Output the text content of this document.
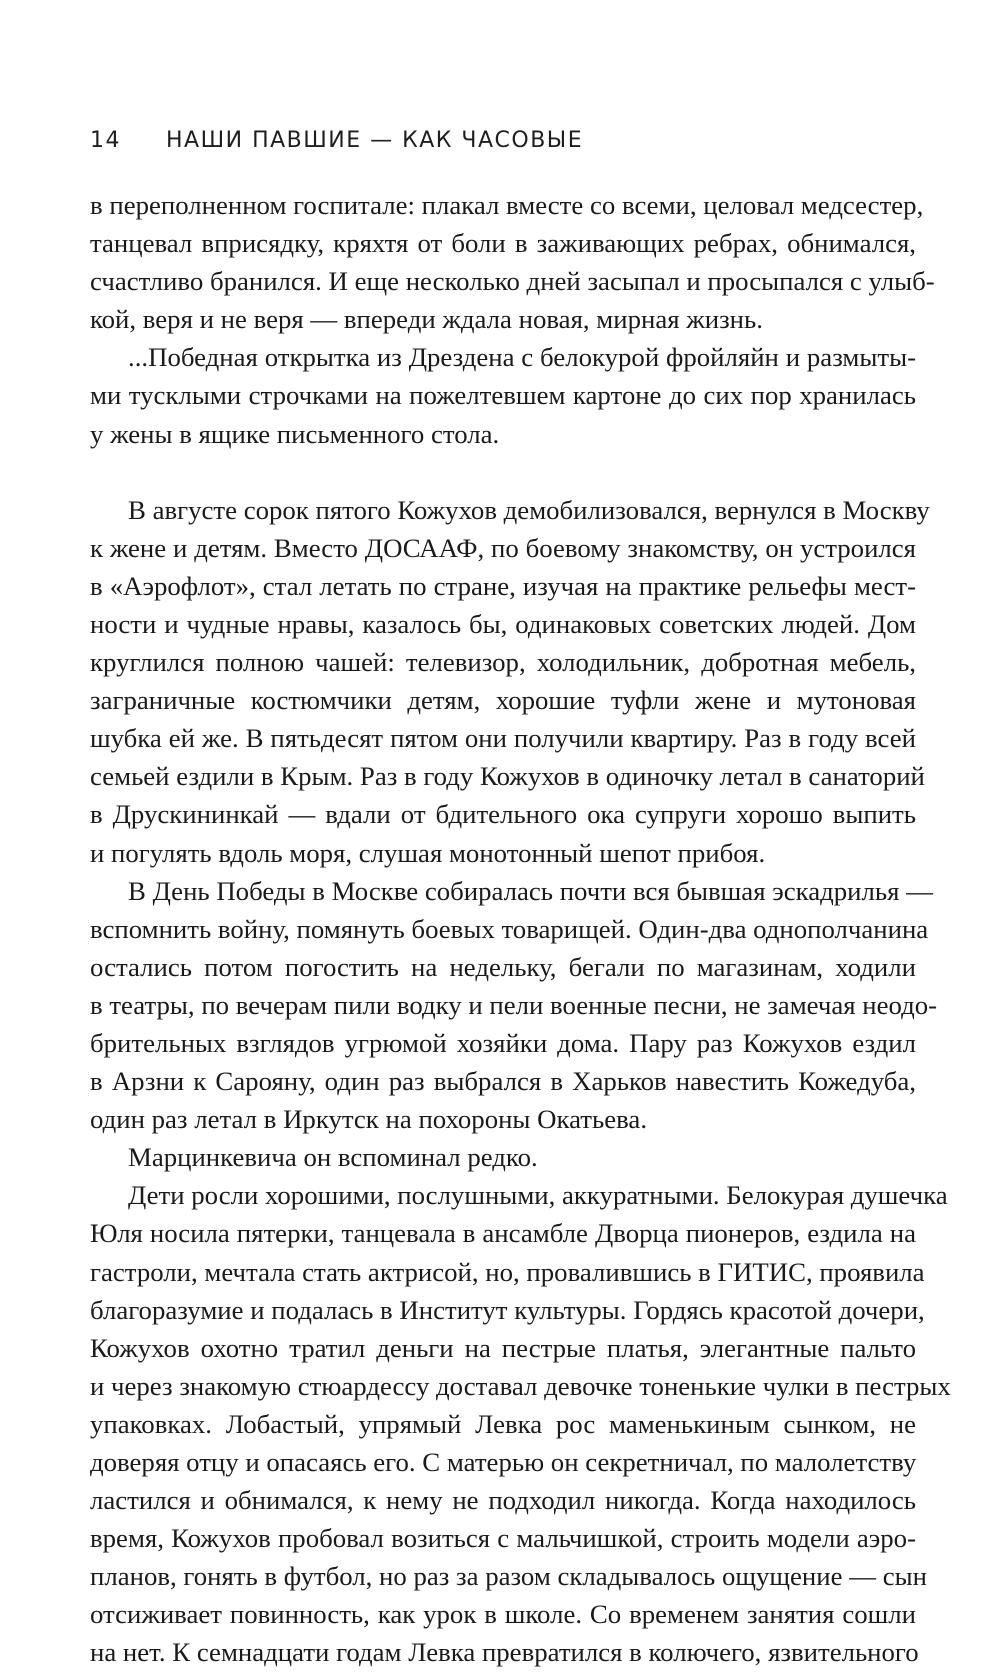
14 НАШИ ПАВШИЕ — КАК ЧАСОВЫЕ
в переполненном госпитале: плакал вместе со всеми, целовал медсестер,
танцевал вприсядку, кряхтя от боли в заживающих ребрах, обнимался,
счастливо бранился. И еще несколько дней засыпал и просыпался с улыб-
кой, веря и не веря — впереди ждала новая, мирная жизнь.
...Победная открытка из Дрездена с белокурой фройляйн и размыты-
ми тусклыми строчками на пожелтевшем картоне до сих пор хранилась
у жены в ящике письменного стола.
В августе сорок пятого Кожухов демобилизовался, вернулся в Москву
к жене и детям. Вместо ДОСААФ, по боевому знакомству, он устроился
в «Аэрофлот», стал летать по стране, изучая на практике рельефы мест-
ности и чудные нравы, казалось бы, одинаковых советских людей. Дом
круглился полною чашей: телевизор, холодильник, добротная мебель,
заграничные костюмчики детям, хорошие туфли жене и мутоновая
шубка ей же. В пятьдесят пятом они получили квартиру. Раз в году всей
семьей ездили в Крым. Раз в году Кожухов в одиночку летал в санаторий
в Друскининкай — вдали от бдительного ока супруги хорошо выпить
и погулять вдоль моря, слушая монотонный шепот прибоя.
В День Победы в Москве собиралась почти вся бывшая эскадрилья —
вспомнить войну, помянуть боевых товарищей. Один-два однополчанина
остались потом погостить на недельку, бегали по магазинам, ходили
в театры, по вечерам пили водку и пели военные песни, не замечая неодо-
брительных взглядов угрюмой хозяйки дома. Пару раз Кожухов ездил
в Арзни к Сарояну, один раз выбрался в Харьков навестить Кожедуба,
один раз летал в Иркутск на похороны Окатьева.
Марцинкевича он вспоминал редко.
Дети росли хорошими, послушными, аккуратными. Белокурая душечка
Юля носила пятерки, танцевала в ансамбле Дворца пионеров, ездила на
гастроли, мечтала стать актрисой, но, провалившись в ГИТИС, проявила
благоразумие и подалась в Институт культуры. Гордясь красотой дочери,
Кожухов охотно тратил деньги на пестрые платья, элегантные пальто
и через знакомую стюардессу доставал девочке тоненькие чулки в пестрых
упаковках. Лобастый, упрямый Левка рос маменькиным сынком, не
доверяя отцу и опасаясь его. С матерью он секретничал, по малолетству
ластился и обнимался, к нему не подходил никогда. Когда находилось
время, Кожухов пробовал возиться с мальчишкой, строить модели аэро-
планов, гонять в футбол, но раз за разом складывалось ощущение — сын
отсиживает повинность, как урок в школе. Со временем занятия сошли
на нет. К семнадцати годам Левка превратился в колючего, язвительного
